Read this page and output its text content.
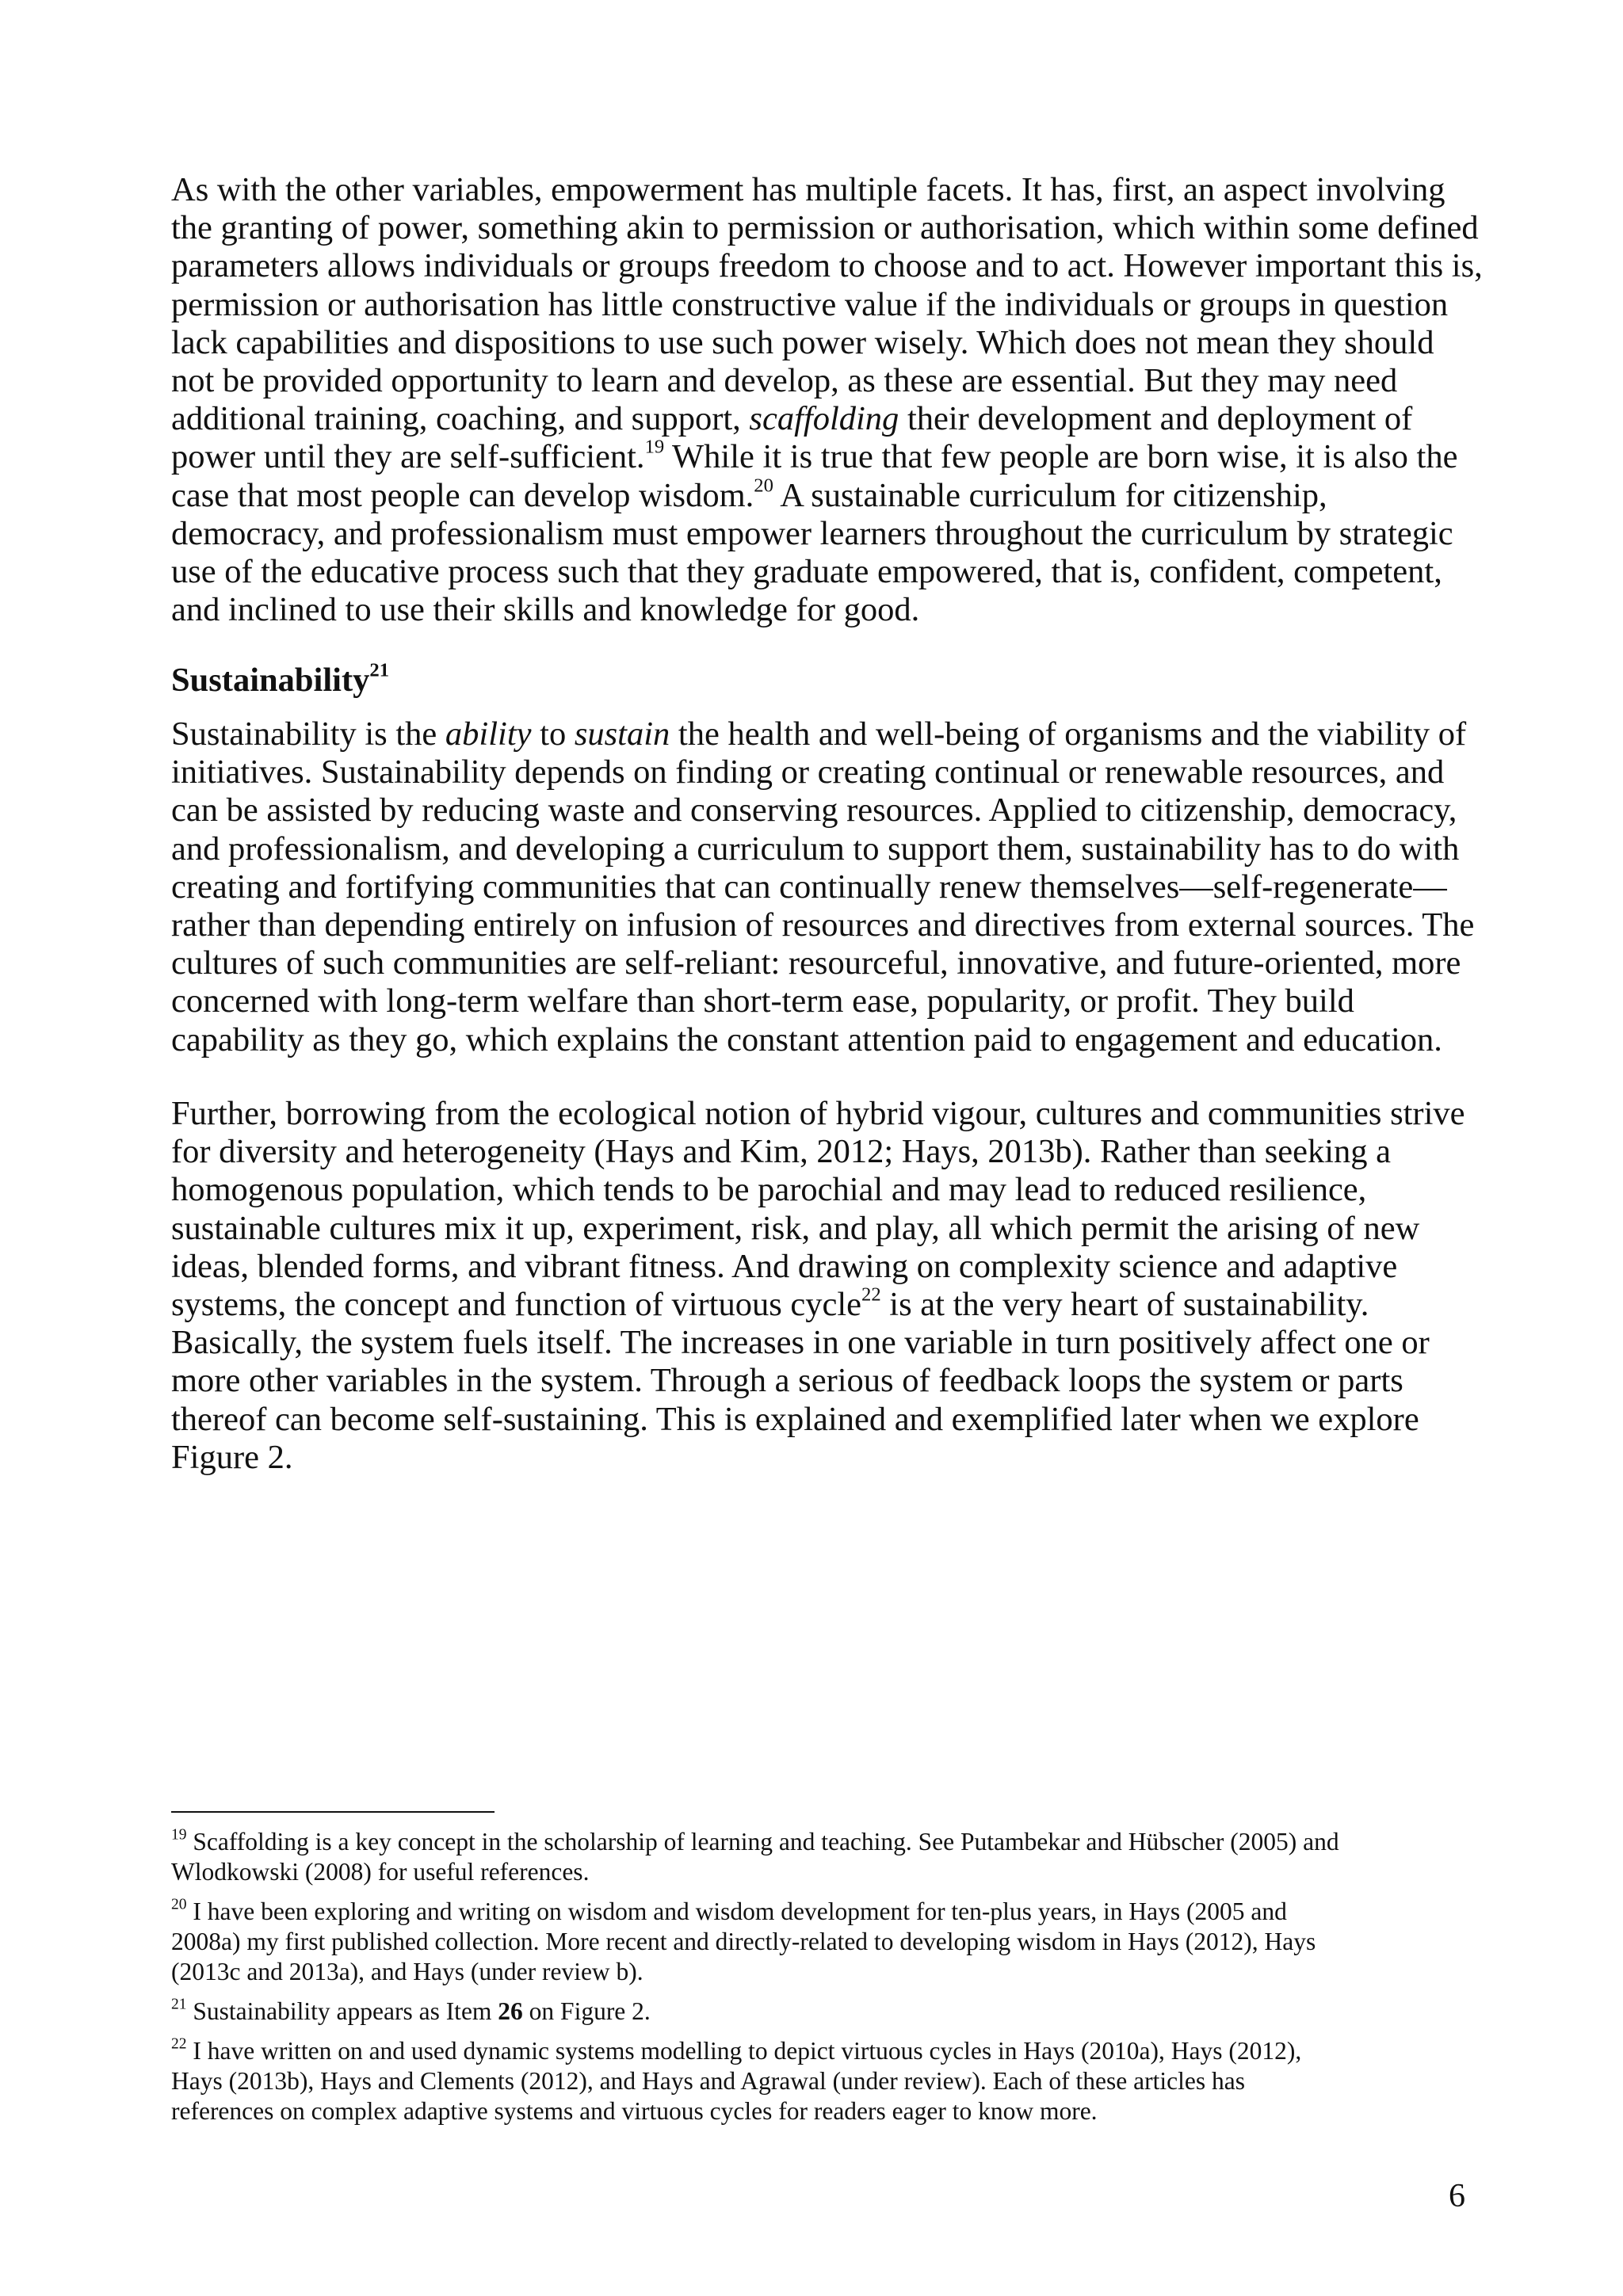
As with the other variables, empowerment has multiple facets. It has, first, an aspect involving
the granting of power, something akin to permission or authorisation, which within some defined
parameters allows individuals or groups freedom to choose and to act. However important this is,
permission or authorisation has little constructive value if the individuals or groups in question
lack capabilities and dispositions to use such power wisely. Which does not mean they should
not be provided opportunity to learn and develop, as these are essential. But they may need
additional training, coaching, and support, scaffolding their development and deployment of
power until they are self-sufficient.$^{19}$ While it is true that few people are born wise, it is also the
case that most people can develop wisdom.$^{20}$ A sustainable curriculum for citizenship,
democracy, and professionalism must empower learners throughout the curriculum by strategic
use of the educative process such that they graduate empowered, that is, confident, competent,
and inclined to use their skills and knowledge for good.
Sustainability$^{21}$
Sustainability is the ability to sustain the health and well-being of organisms and the viability of
initiatives. Sustainability depends on finding or creating continual or renewable resources, and
can be assisted by reducing waste and conserving resources. Applied to citizenship, democracy,
and professionalism, and developing a curriculum to support them, sustainability has to do with
creating and fortifying communities that can continually renew themselves—self-regenerate—
rather than depending entirely on infusion of resources and directives from external sources. The
cultures of such communities are self-reliant: resourceful, innovative, and future-oriented, more
concerned with long-term welfare than short-term ease, popularity, or profit. They build
capability as they go, which explains the constant attention paid to engagement and education.
Further, borrowing from the ecological notion of hybrid vigour, cultures and communities strive
for diversity and heterogeneity (Hays and Kim, 2012; Hays, 2013b). Rather than seeking a
homogenous population, which tends to be parochial and may lead to reduced resilience,
sustainable cultures mix it up, experiment, risk, and play, all which permit the arising of new
ideas, blended forms, and vibrant fitness. And drawing on complexity science and adaptive
systems, the concept and function of virtuous cycle$^{22}$ is at the very heart of sustainability.
Basically, the system fuels itself. The increases in one variable in turn positively affect one or
more other variables in the system. Through a serious of feedback loops the system or parts
thereof can become self-sustaining. This is explained and exemplified later when we explore
Figure 2.
$^{19}$ Scaffolding is a key concept in the scholarship of learning and teaching. See Putambekar and Hübscher (2005) and
Wlodkowski (2008) for useful references.
$^{20}$ I have been exploring and writing on wisdom and wisdom development for ten-plus years, in Hays (2005 and
2008a) my first published collection. More recent and directly-related to developing wisdom in Hays (2012), Hays
(2013c and 2013a), and Hays (under review b).
$^{21}$ Sustainability appears as Item 26 on Figure 2.
$^{22}$ I have written on and used dynamic systems modelling to depict virtuous cycles in Hays (2010a), Hays (2012),
Hays (2013b), Hays and Clements (2012), and Hays and Agrawal (under review). Each of these articles has
references on complex adaptive systems and virtuous cycles for readers eager to know more.
6
